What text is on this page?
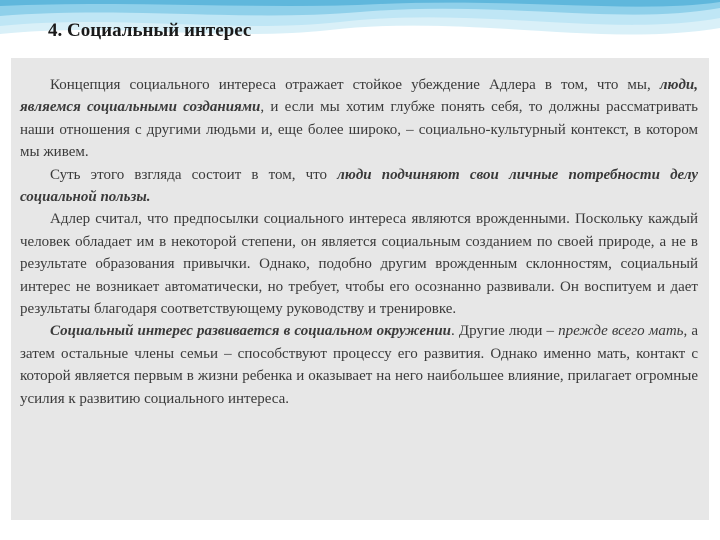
4. Социальный интерес

Концепция социального интереса отражает стойкое убеждение Адлера в том, что мы, люди, являемся социальными созданиями, и если мы хотим глубже понять себя, то должны рассматривать наши отношения с другими людьми и, еще более широко, – социально-культурный контекст, в котором мы живем.

Суть этого взгляда состоит в том, что люди подчиняют свои личные потребности делу социальной пользы.

Адлер считал, что предпосылки социального интереса являются врожденными. Поскольку каждый человек обладает им в некоторой степени, он является социальным созданием по своей природе, а не в результате образования привычки. Однако, подобно другим врожденным склонностям, социальный интерес не возникает автоматически, но требует, чтобы его осознанно развивали. Он воспитуем и дает результаты благодаря соответствующему руководству и тренировке.

Социальный интерес развивается в социальном окружении. Другие люди – прежде всего мать, а затем остальные члены семьи – способствуют процессу его развития. Однако именно мать, контакт с которой является первым в жизни ребенка и оказывает на него наибольшее влияние, прилагает огромные усилия к развитию социального интереса.
